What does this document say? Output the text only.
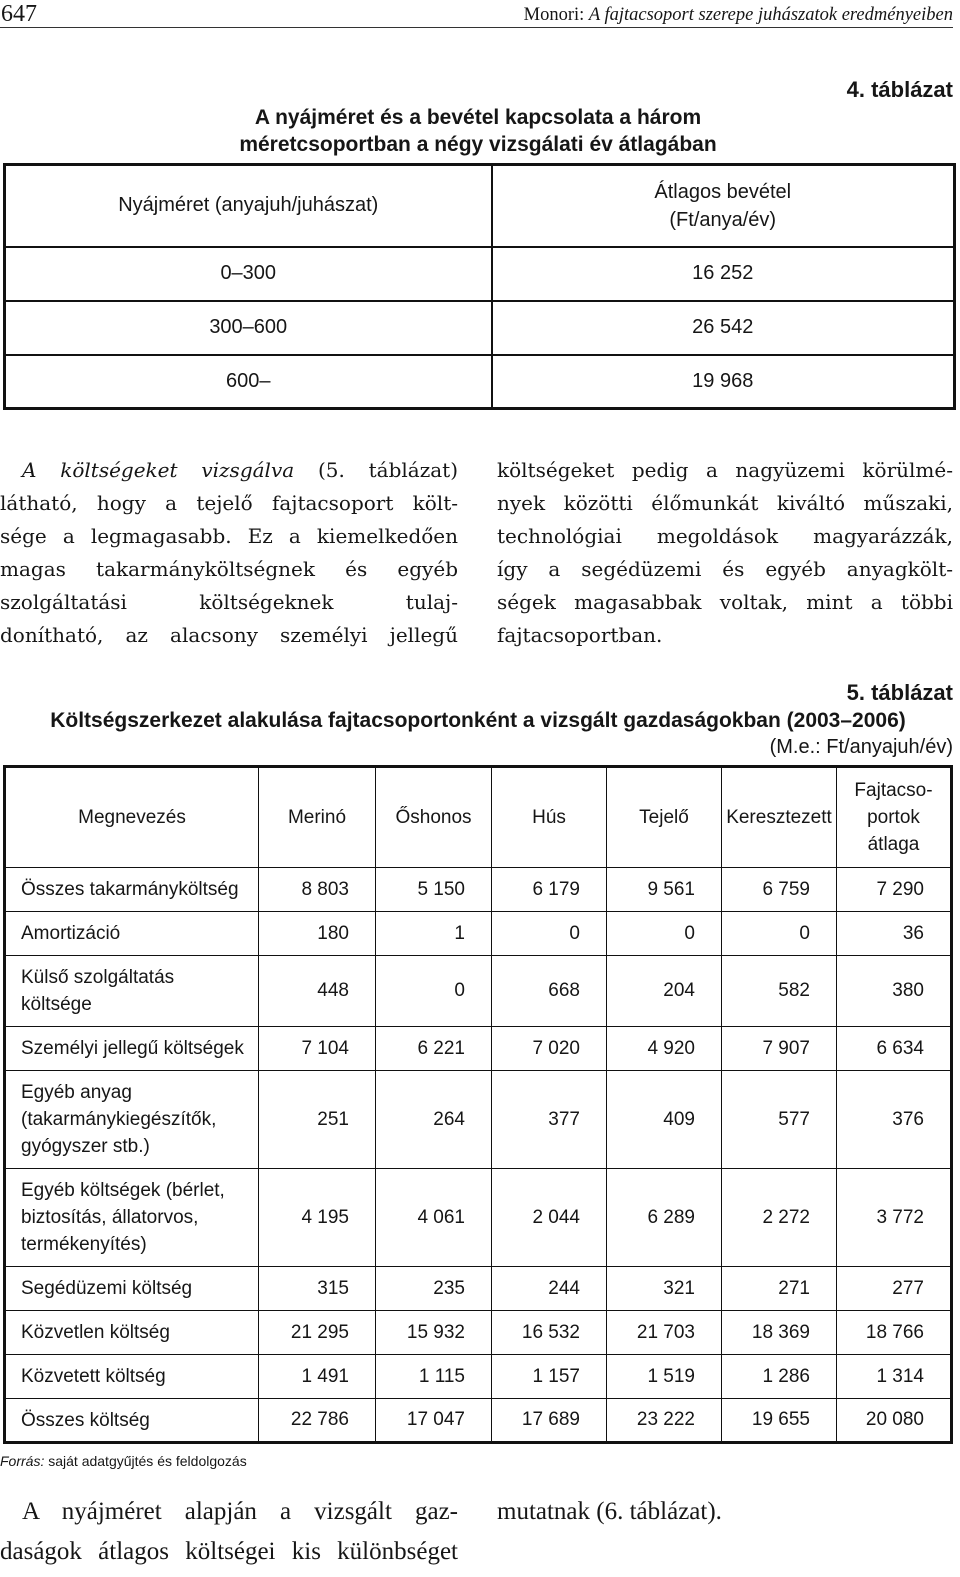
647	Monori: A fajtacsoport szerepe juhászatok eredményeiben
4. táblázat
A nyájméret és a bevétel kapcsolata a három
méretcsoportban a négy vizsgálati év átlagában
Nyájméret (anyajuh/juhászat)	Átlagos bevétel
(Ft/anya/év)

0–300	16 252
300–600	26 542
600–	19 968
A költségeket vizsgálva (5. táblázat)
látható, hogy a tejelő fajtacsoport költ-
sége a legmagasabb. Ez a kiemelkedően
magas takarmányköltségnek és egyéb
szolgáltatási költségeknek tulaj-
donítható, az alacsony személyi jellegű
költségeket pedig a nagyüzemi körülmé-
nyek közötti élőmunkát kiváltó műszaki,
technológiai megoldások magyarázzák,
így a segédüzemi és egyéb anyagkölt-
ségek magasabbak voltak, mint a többi
fajtacsoportban.
5. táblázat
Költségszerkezet alakulása fajtacsoportonként a vizsgált gazdaságokban (2003–2006)
(M.e.: Ft/anyajuh/év)
Megnevezés	Merinó	Őshonos	Hús	Tejelő	Keresztezett	Fajtacso-
portok
átlaga

Összes takarmányköltség	8 803	5 150	6 179	9 561	6 759	7 290

Amortizáció	180	1	0	0	0	36

Külső szolgáltatás
költsége	448	0	668	204	582	380

Személyi jellegű költségek	7 104	6 221	7 020	4 920	7 907	6 634

Egyéb anyag
(takarmánykiegészítők,
gyógyszer stb.)	251	264	377	409	577	376

Egyéb költségek (bérlet,
biztosítás, állatorvos,
termékenyítés)	4 195	4 061	2 044	6 289	2 272	3 772

Segédüzemi költség	315	235	244	321	271	277

Közvetlen költség	21 295	15 932	16 532	21 703	18 369	18 766

Közvetett költség	1 491	1 115	1 157	1 519	1 286	1 314

Összes költség	22 786	17 047	17 689	23 222	19 655	20 080
Forrás: saját adatgyűjtés és feldolgozás
A nyájméret alapján a vizsgált gaz-
daságok átlagos költségei kis különbséget
mutatnak (6. táblázat).
